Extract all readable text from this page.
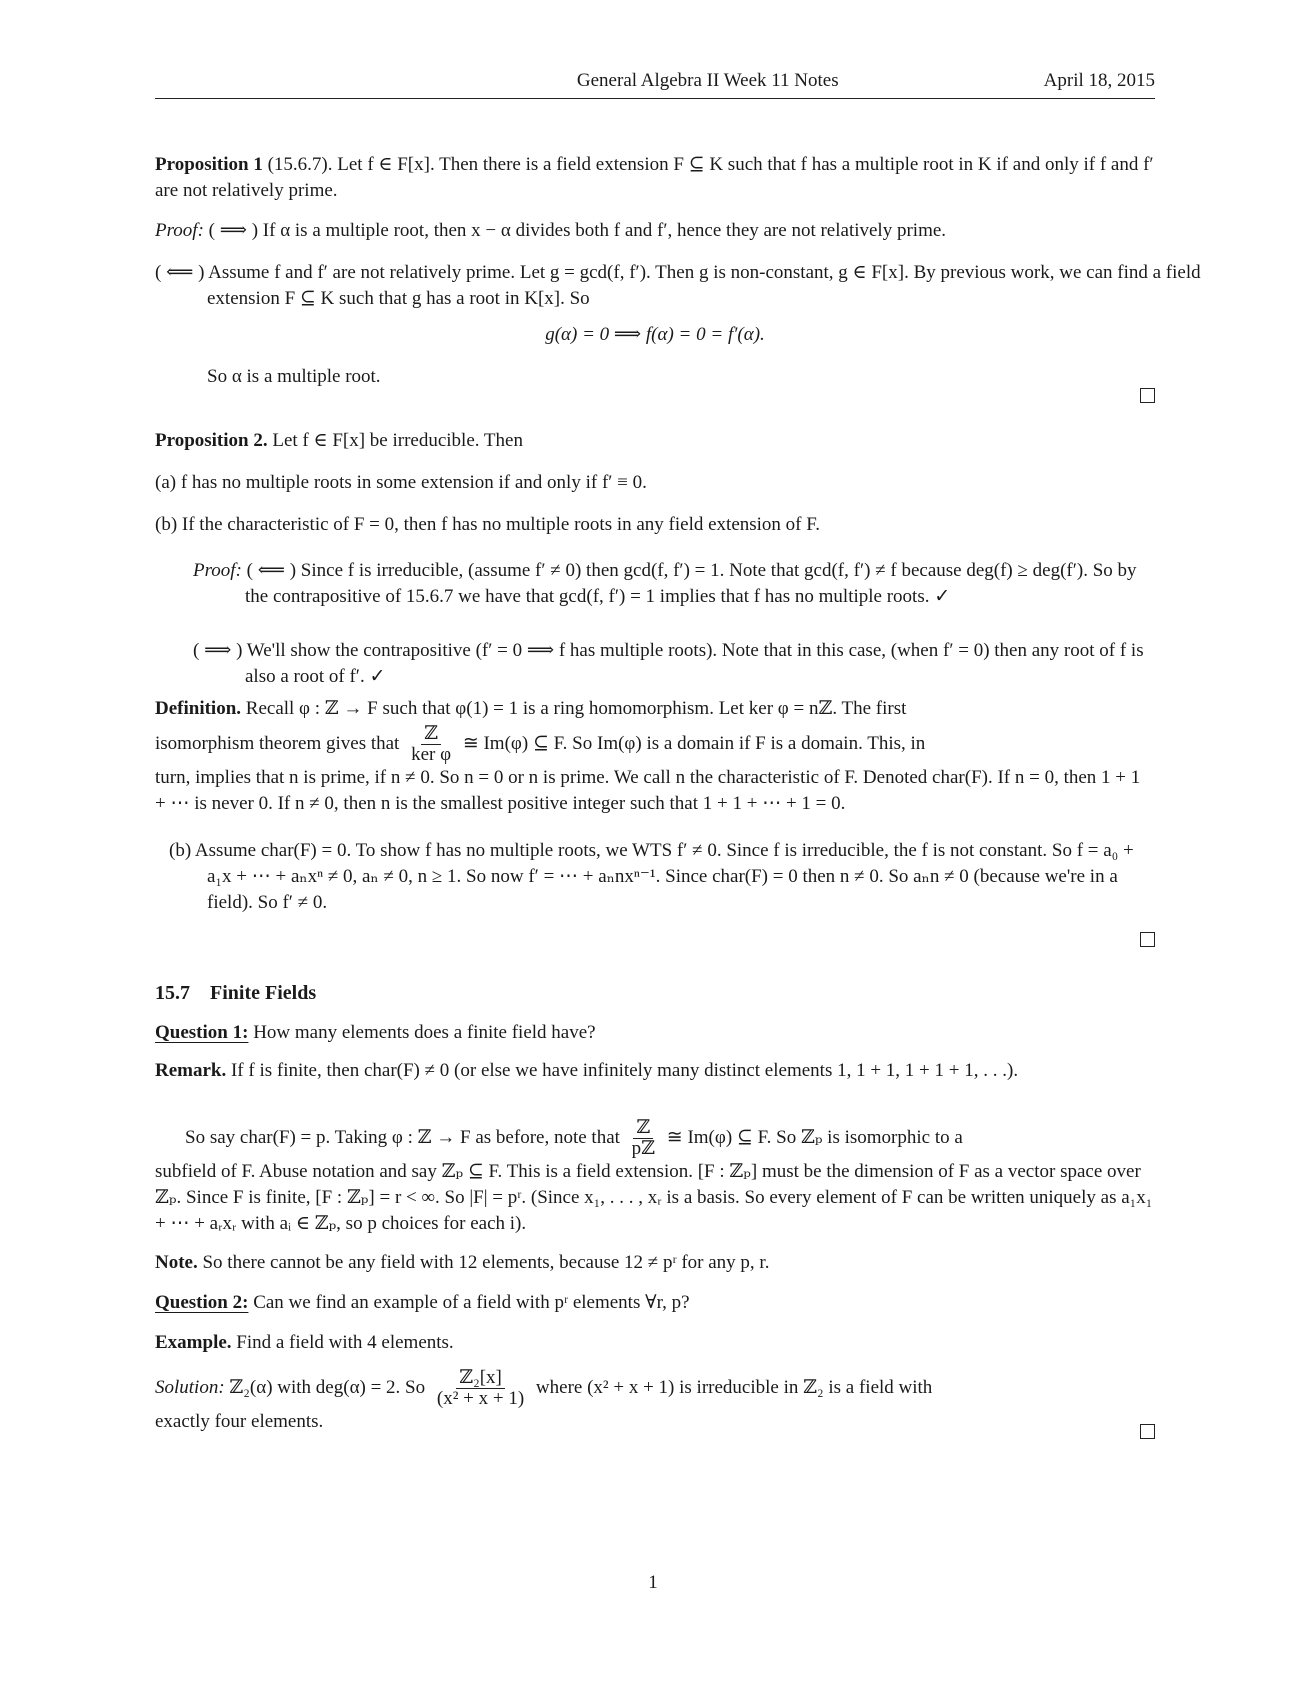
General Algebra II Week 11 Notes	April 18, 2015

Proposition 1 (15.6.7). Let f ∈ F[x]. Then there is a field extension F ⊆ K such that f has a multiple root in K if and only if f and f′ are not relatively prime.

Proof: ( ⟹ ) If α is a multiple root, then x − α divides both f and f′, hence they are not relatively prime.

( ⟸ ) Assume f and f′ are not relatively prime. Let g = gcd(f, f′). Then g is non-constant, g ∈ F[x]. By previous work, we can find a field extension F ⊆ K such that g has a root in K[x]. So

g(α) = 0 ⟹ f(α) = 0 = f′(α).

So α is a multiple root.

Proposition 2. Let f ∈ F[x] be irreducible. Then

(a) f has no multiple roots in some extension if and only if f′ ≡ 0.

(b) If the characteristic of F = 0, then f has no multiple roots in any field extension of F.

Proof: ( ⟸ ) Since f is irreducible, (assume f′ ≠ 0) then gcd(f, f′) = 1. Note that gcd(f, f′) ≠ f because deg(f) ≥ deg(f′). So by the contrapositive of 15.6.7 we have that gcd(f, f′) = 1 implies that f has no multiple roots. ✓

( ⟹ ) We'll show the contrapositive (f′ = 0 ⟹ f has multiple roots). Note that in this case, (when f′ = 0) then any root of f is also a root of f′. ✓

Definition. Recall φ : ℤ → F such that φ(1) = 1 is a ring homomorphism. Let ker φ = nℤ. The first

isomorphism theorem gives that $\frac{\text{ℤ}}{\text{ker φ}}$ ≅ Im(φ) ⊆ F. So Im(φ) is a domain if F is a domain. This, in

turn, implies that n is prime, if n ≠ 0. So n = 0 or n is prime. We call n the characteristic of F. Denoted char(F). If n = 0, then 1 + 1 + ⋯ is never 0. If n ≠ 0, then n is the smallest positive integer such that 1 + 1 + ⋯ + 1 = 0.

(b) Assume char(F) = 0. To show f has no multiple roots, we WTS f′ ≠ 0. Since f is irreducible, the f is not constant. So f = a₀ + a₁x + ⋯ + aₙxⁿ ≠ 0, aₙ ≠ 0, n ≥ 1. So now f′ = ⋯ + aₙnxⁿ⁻¹. Since char(F) = 0 then n ≠ 0. So aₙn ≠ 0 (because we're in a field). So f′ ≠ 0.

15.7 Finite Fields

Question 1: How many elements does a finite field have?

Remark. If f is finite, then char(F) ≠ 0 (or else we have infinitely many distinct elements 1, 1 + 1, 1 + 1 + 1, . . .).

So say char(F) = p. Taking φ : ℤ → F as before, note that $\frac{\text{ℤ}}{\text{pℤ}}$ ≅ Im(φ) ⊆ F. So ℤₚ is isomorphic to a

subfield of F. Abuse notation and say ℤₚ ⊆ F. This is a field extension. [F : ℤₚ] must be the dimension of F as a vector space over ℤₚ. Since F is finite, [F : ℤₚ] = r < ∞. So |F| = pʳ. (Since x₁, . . . , xᵣ is a basis. So every element of F can be written uniquely as a₁x₁ + ⋯ + aᵣxᵣ with aᵢ ∈ ℤₚ, so p choices for each i).

Note. So there cannot be any field with 12 elements, because 12 ≠ pʳ for any p, r.

Question 2: Can we find an example of a field with pʳ elements ∀r, p?

Example. Find a field with 4 elements.

Solution: ℤ₂(α) with deg(α) = 2. So $\frac{\text{ℤ₂[x]}}{\text{(x² + x + 1)}}$ where (x² + x + 1) is irreducible in ℤ₂ is a field with

exactly four elements.

1
